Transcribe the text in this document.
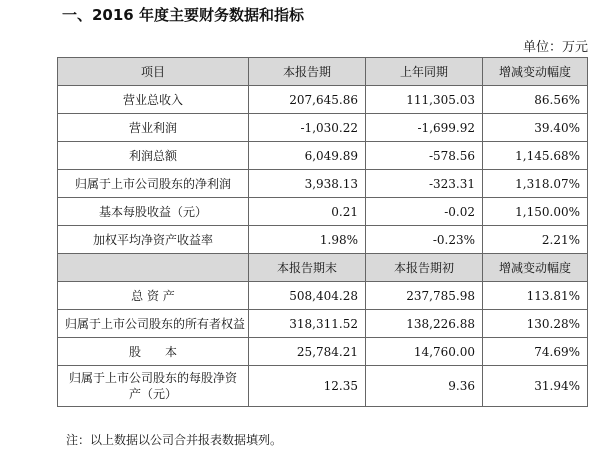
一、2016 年度主要财务数据和指标
单位：万元
项目	本报告期	上年同期	增减变动幅度
营业总收入	207,645.86	111,305.03	86.56%
营业利润	-1,030.22	-1,699.92	39.40%
利润总额	6,049.89	-578.56	1,145.68%
归属于上市公司股东的净利润	3,938.13	-323.31	1,318.07%
基本每股收益（元）	0.21	-0.02	1,150.00%
加权平均净资产收益率	1.98%	-0.23%	2.21%
	本报告期末	本报告期初	增减变动幅度
总 资 产	508,404.28	237,785.98	113.81%
归属于上市公司股东的所有者权益	318,311.52	138,226.88	130.28%
股　　本	25,784.21	14,760.00	74.69%
归属于上市公司股东的每股净资产（元）	12.35	9.36	31.94%
注：以上数据以公司合并报表数据填列。
